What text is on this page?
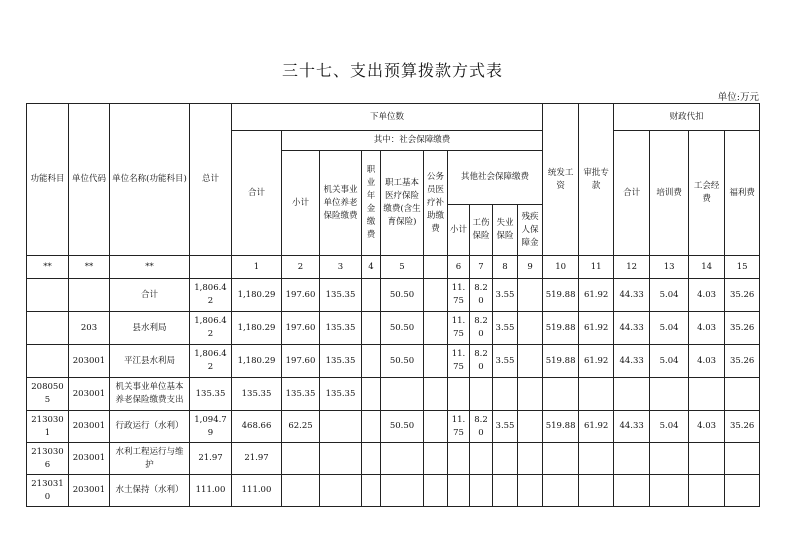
三十七、支出预算拨款方式表
单位:万元
功能科目	单位代码	单位名称(功能科目)	总计	下单位数										统发工资	审批专款	财政代扣			
				合计	其中：社会保障缴费											合计	培训费	工会经费	福利费
					小计	机关事业单位养老保险缴费	职业年金缴费	职工基本医疗保险缴费(含生育保险)	公务员医疗补助缴费	其他社会保障缴费									
										小计	工伤保险	失业保险	残疾人保障金						
**	**	**		1	2	3	4	5		6	7	8	9	10	11	12	13	14	15
		合计	1,806.42	1,180.29	197.60	135.35		50.50		11.75	8.20	3.55		519.88	61.92	44.33	5.04	4.03	35.26
	203	县水利局	1,806.42	1,180.29	197.60	135.35		50.50		11.75	8.20	3.55		519.88	61.92	44.33	5.04	4.03	35.26
	203001	平江县水利局	1,806.42	1,180.29	197.60	135.35		50.50		11.75	8.20	3.55		519.88	61.92	44.33	5.04	4.03	35.26
2080505	203001	机关事业单位基本养老保险缴费支出	135.35	135.35	135.35	135.35													
2130301	203001	行政运行（水利）	1,094.79	468.66	62.25			50.50		11.75	8.20	3.55		519.88	61.92	44.33	5.04	4.03	35.26
2130306	203001	水利工程运行与维护	21.97	21.97															
2130310	203001	水土保持（水利）	111.00	111.00															
